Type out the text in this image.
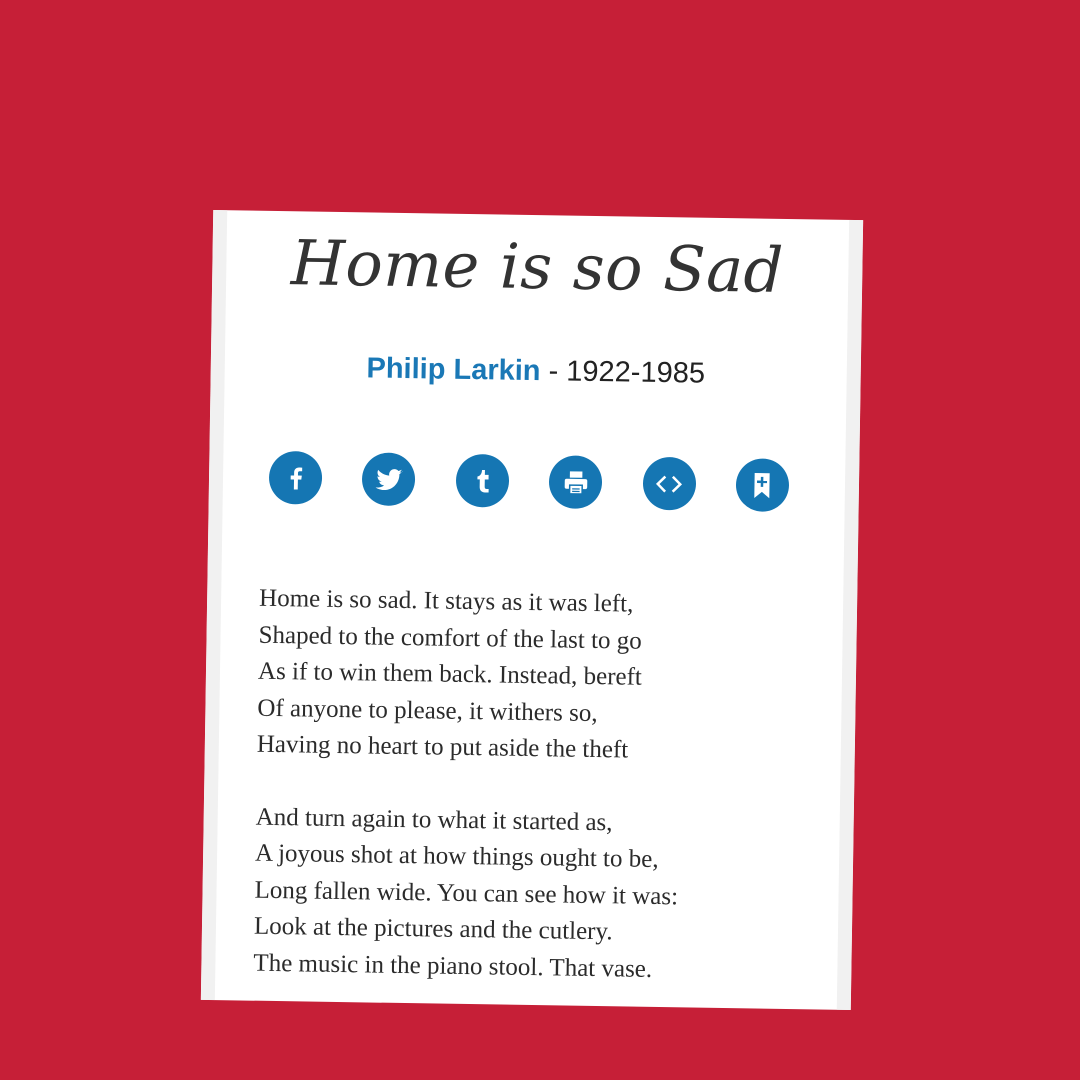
Home is so Sad
Philip Larkin - 1922-1985
Home is so sad. It stays as it was left,
Shaped to the comfort of the last to go
As if to win them back. Instead, bereft
Of anyone to please, it withers so,
Having no heart to put aside the theft
And turn again to what it started as,
A joyous shot at how things ought to be,
Long fallen wide. You can see how it was:
Look at the pictures and the cutlery.
The music in the piano stool. That vase.
